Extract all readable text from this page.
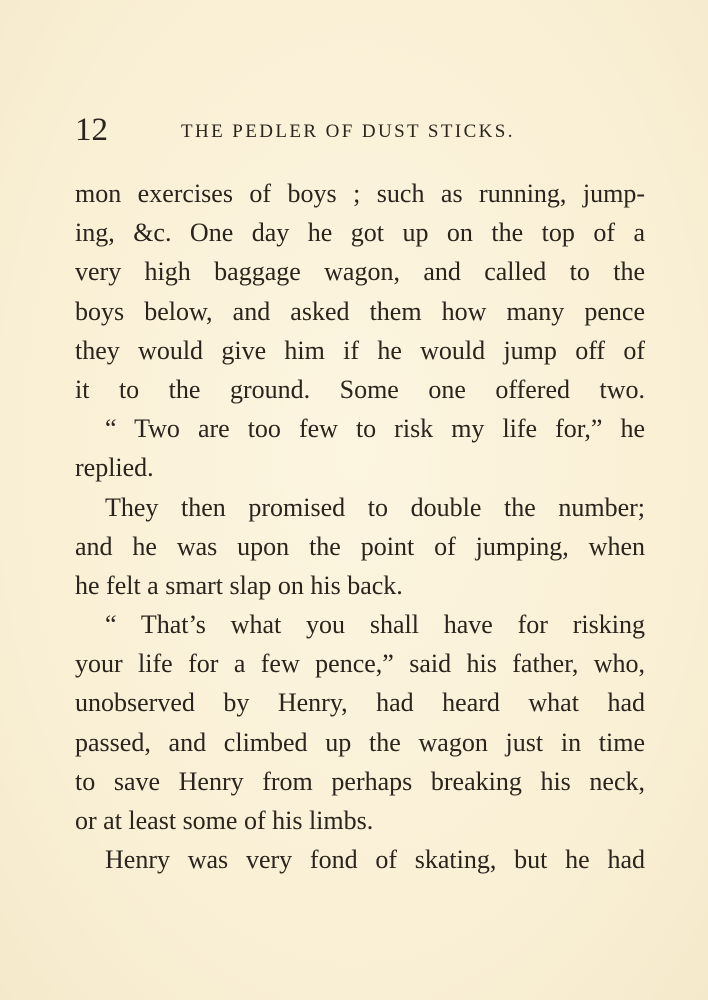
12	THE PEDLER OF DUST STICKS.
mon exercises of boys ; such as running, jump-
ing, &c. One day he got up on the top of a
very high baggage wagon, and called to the
boys below, and asked them how many pence
they would give him if he would jump off of
it to the ground. Some one offered two.
“ Two are too few to risk my life for,” he
replied.
They then promised to double the number;
and he was upon the point of jumping, when
he felt a smart slap on his back.
“ That’s what you shall have for risking
your life for a few pence,” said his father, who,
unobserved by Henry, had heard what had
passed, and climbed up the wagon just in time
to save Henry from perhaps breaking his neck,
or at least some of his limbs.
Henry was very fond of skating, but he had
